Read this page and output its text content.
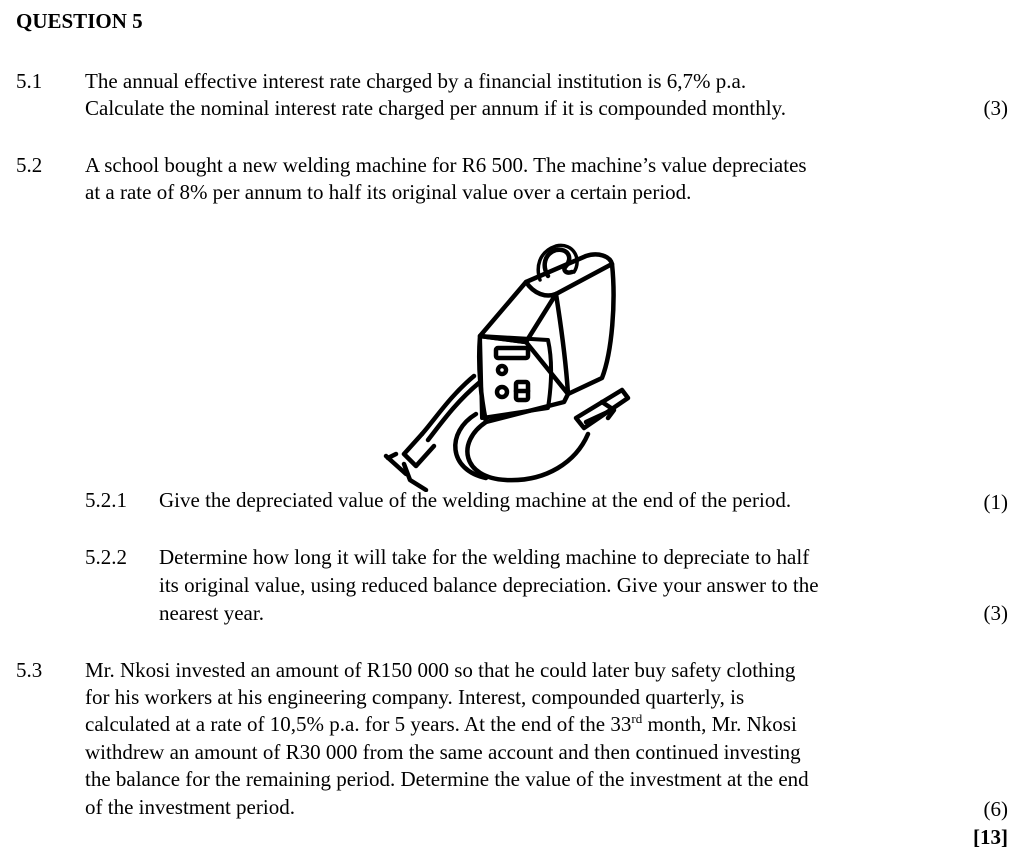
QUESTION 5
5.1 The annual effective interest rate charged by a financial institution is 6,7% p.a.
Calculate the nominal interest rate charged per annum if it is compounded monthly.	(3)
5.2 A school bought a new welding machine for R6 500. The machine’s value depreciates
at a rate of 8% per annum to half its original value over a certain period.
5.2.1 Give the depreciated value of the welding machine at the end of the period.	(1)
5.2.2 Determine how long it will take for the welding machine to depreciate to half
its original value, using reduced balance depreciation. Give your answer to the
nearest year.	(3)
5.3 Mr. Nkosi invested an amount of R150 000 so that he could later buy safety clothing
for his workers at his engineering company. Interest, compounded quarterly, is
calculated at a rate of 10,5% p.a. for 5 years. At the end of the 33rd month, Mr. Nkosi
withdrew an amount of R30 000 from the same account and then continued investing
the balance for the remaining period. Determine the value of the investment at the end
of the investment period.	(6)
[13]
